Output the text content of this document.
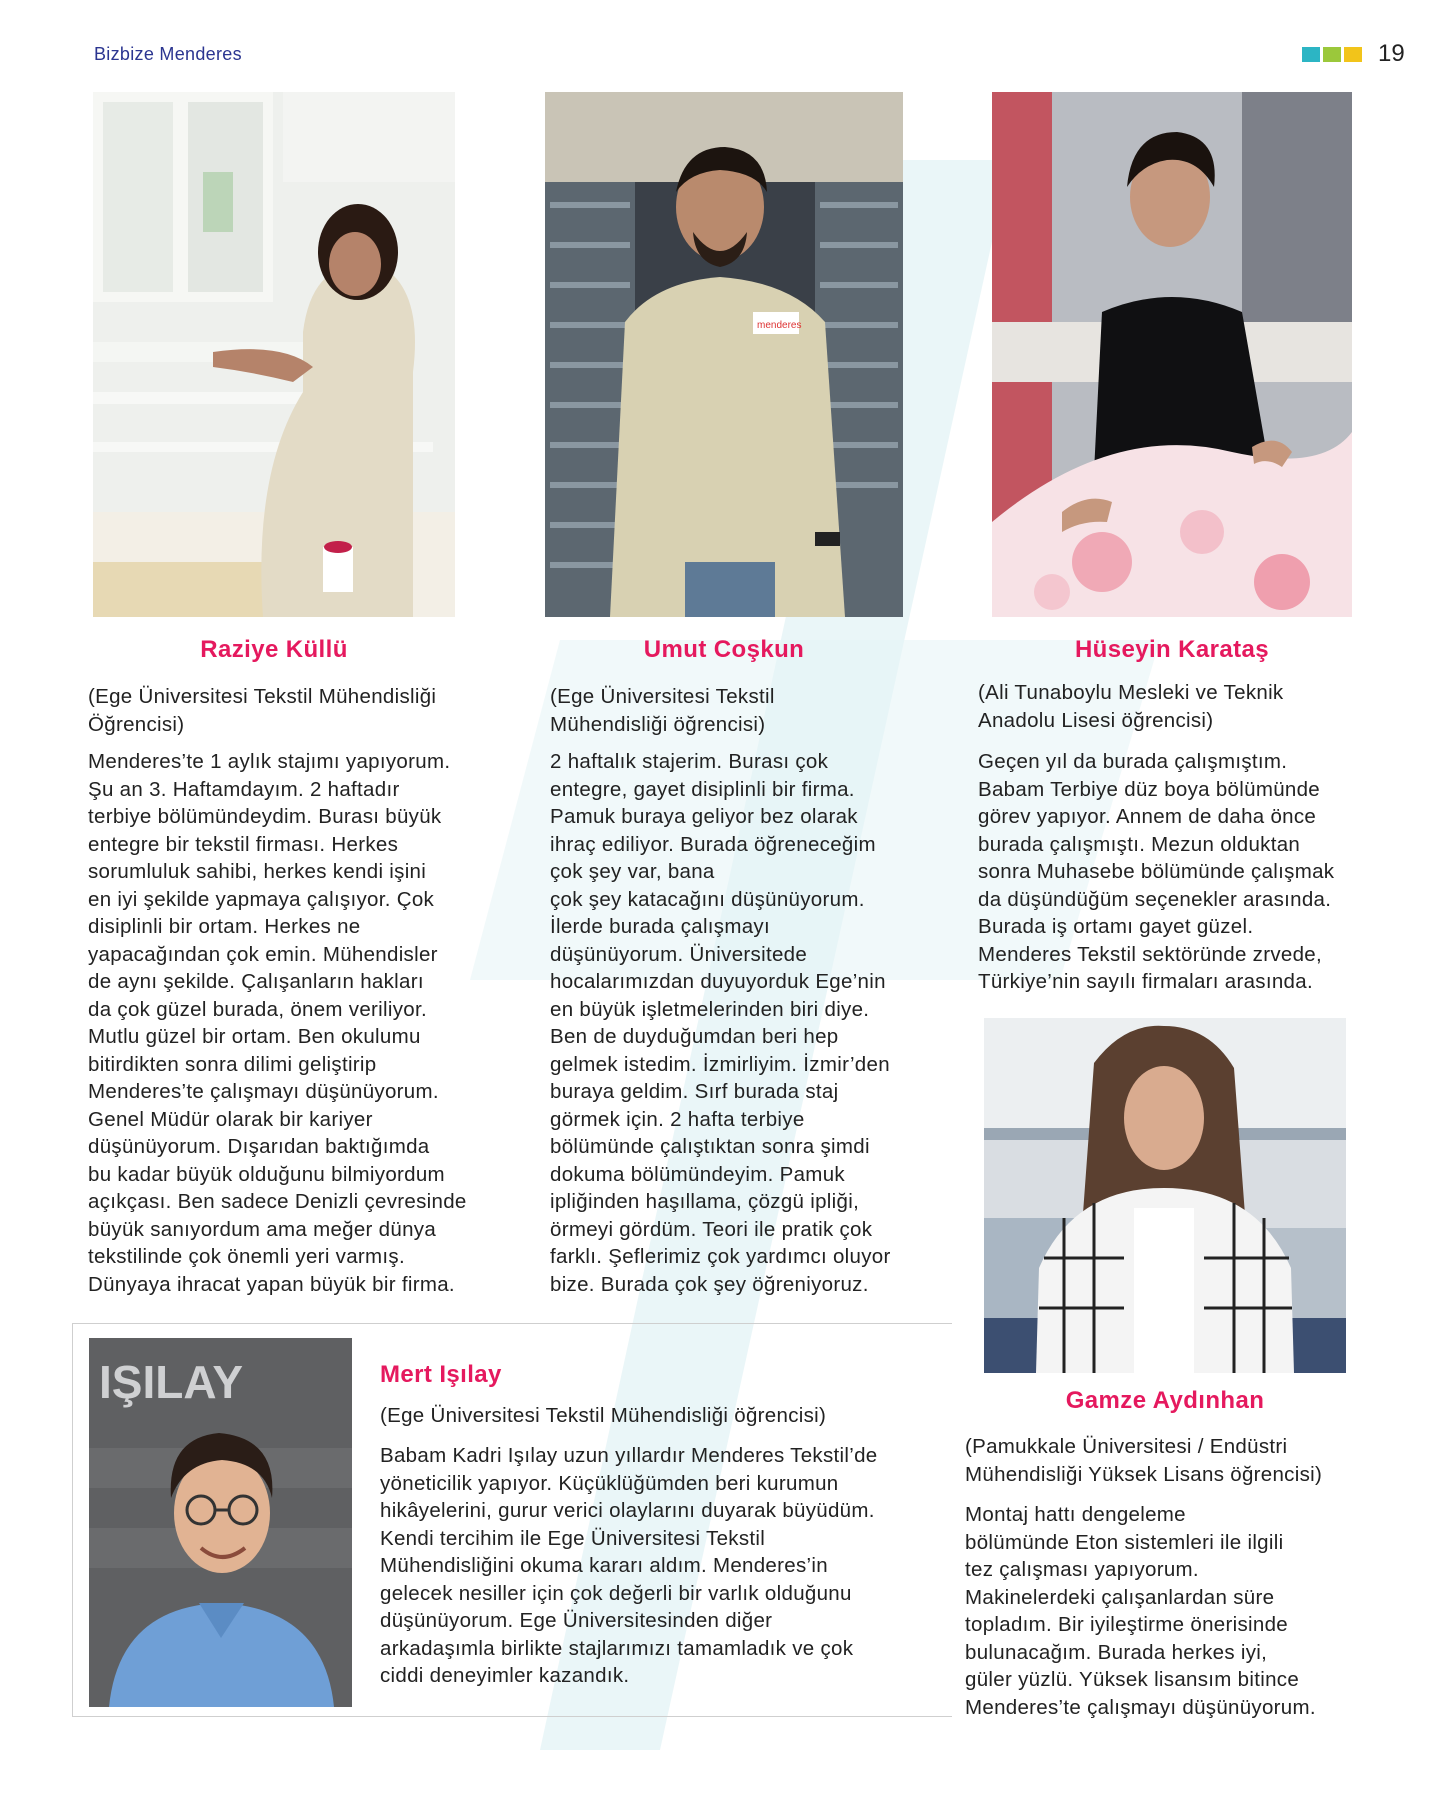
Bizbize Menderes	19
menderes
Raziye Küllü	Umut Coşkun	Hüseyin Karataş
(Ege Üniversitesi Tekstil Mühendisliği
Öğrencisi)
Menderes’te 1 aylık stajımı yapıyorum.
Şu an 3. Haftamdayım. 2 haftadır
terbiye bölümündeydim. Burası büyük
entegre bir tekstil firması. Herkes
sorumluluk sahibi, herkes kendi işini
en iyi şekilde yapmaya çalışıyor. Çok
disiplinli bir ortam. Herkes ne
yapacağından çok emin. Mühendisler
de aynı şekilde. Çalışanların hakları
da çok güzel burada, önem veriliyor.
Mutlu güzel bir ortam. Ben okulumu
bitirdikten sonra dilimi geliştirip
Menderes’te çalışmayı düşünüyorum.
Genel Müdür olarak bir kariyer
düşünüyorum. Dışarıdan baktığımda
bu kadar büyük olduğunu bilmiyordum
açıkçası. Ben sadece Denizli çevresinde
büyük sanıyordum ama meğer dünya
tekstilinde çok önemli yeri varmış.
Dünyaya ihracat yapan büyük bir firma.
(Ege Üniversitesi Tekstil
Mühendisliği öğrencisi)
2 haftalık stajerim. Burası çok
entegre, gayet disiplinli bir firma.
Pamuk buraya geliyor bez olarak
ihraç ediliyor. Burada öğreneceğim
çok şey var, bana
çok şey katacağını düşünüyorum.
İlerde burada çalışmayı
düşünüyorum. Üniversitede
hocalarımızdan duyuyorduk Ege’nin
en büyük işletmelerinden biri diye.
Ben de duyduğumdan beri hep
gelmek istedim. İzmirliyim. İzmir’den
buraya geldim. Sırf burada staj
görmek için. 2 hafta terbiye
bölümünde çalıştıktan sonra şimdi
dokuma bölümündeyim. Pamuk
ipliğinden haşıllama, çözgü ipliği,
örmeyi gördüm. Teori ile pratik çok
farklı. Şeflerimiz çok yardımcı oluyor
bize. Burada çok şey öğreniyoruz.
(Ali Tunaboylu Mesleki ve Teknik
Anadolu Lisesi öğrencisi)
Geçen yıl da burada çalışmıştım.
Babam Terbiye düz boya bölümünde
görev yapıyor. Annem de daha önce
burada çalışmıştı. Mezun olduktan
sonra Muhasebe bölümünde çalışmak
da düşündüğüm seçenekler arasında.
Burada iş ortamı gayet güzel.
Menderes Tekstil sektöründe zrvede,
Türkiye’nin sayılı firmaları arasında.
Gamze Aydınhan
(Pamukkale Üniversitesi / Endüstri
Mühendisliği Yüksek Lisans öğrencisi)
Montaj hattı dengeleme
bölümünde Eton sistemleri ile ilgili
tez çalışması yapıyorum.
Makinelerdeki çalışanlardan süre
topladım. Bir iyileştirme önerisinde
bulunacağım. Burada herkes iyi,
güler yüzlü. Yüksek lisansım bitince
Menderes’te çalışmayı düşünüyorum.
IŞILAY	Mert Işılay
(Ege Üniversitesi Tekstil Mühendisliği öğrencisi)
Babam Kadri Işılay uzun yıllardır Menderes Tekstil’de
yöneticilik yapıyor. Küçüklüğümden beri kurumun
hikâyelerini, gurur verici olaylarını duyarak büyüdüm.
Kendi tercihim ile Ege Üniversitesi Tekstil
Mühendisliğini okuma kararı aldım. Menderes’in
gelecek nesiller için çok değerli bir varlık olduğunu
düşünüyorum. Ege Üniversitesinden diğer
arkadaşımla birlikte stajlarımızı tamamladık ve çok
ciddi deneyimler kazandık.
